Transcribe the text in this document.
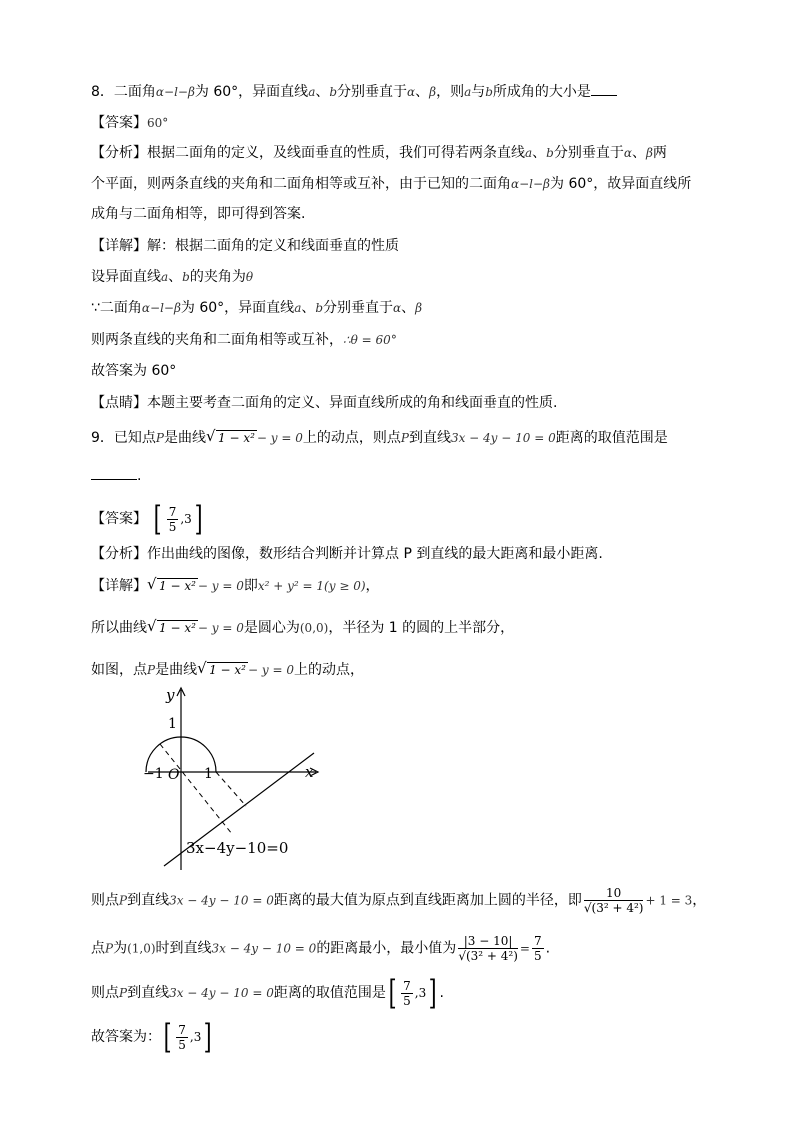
8．二面角α−l−β为 60°，异面直线a、b分别垂直于α、β，则a与b所成角的大小是
【答案】60°
【分析】根据二面角的定义，及线面垂直的性质，我们可得若两条直线a、b分别垂直于α、β两
个平面，则两条直线的夹角和二面角相等或互补，由于已知的二面角α−l−β为 60°，故异面直线所
成角与二面角相等，即可得到答案.
【详解】解：根据二面角的定义和线面垂直的性质
设异面直线a、b的夹角为θ
∵二面角α−l−β为 60°，异面直线a、b分别垂直于α、β
则两条直线的夹角和二面角相等或互补，∴θ = 60°
故答案为 60°
【点睛】本题主要考查二面角的定义、异面直线所成的角和线面垂直的性质.
9．已知点P是曲线 √ 1 − x² − y = 0上的动点，则点P到直线3x − 4y − 10 = 0距离的取值范围是
.
【答案】 [ $\frac{7}{5} ,3$]
【分析】作出曲线的图像，数形结合判断并计算点 P 到直线的最大距离和最小距离.
【详解】 √ 1 − x² − y = 0即x² + y² = 1(y ≥ 0)，
所以曲线 √ 1 − x² − y = 0是圆心为(0,0)，半径为 1 的圆的上半部分，
如图，点P是曲线 √ 1 − x² − y = 0上的动点，
y
x
1
−1 O 1
3x−4y−10=0
则点P到直线3x − 4y − 10 = 0距离的最大值为原点到直线距离加上圆的半径，即 $\frac{10}{\text{√(3² + 4²)}} + 1 = 3$，
点P为(1,0)时到直线3x − 4y − 10 = 0的距离最小，最小值为 $\frac{|3 - 10|}{\text{√(3² + 4²)}} = \frac{7}{5}$ .
则点P到直线3x − 4y − 10 = 0距离的取值范围是[ $\frac{7}{5} ,3$] .
故答案为：[ $\frac{7}{5} ,3$]
